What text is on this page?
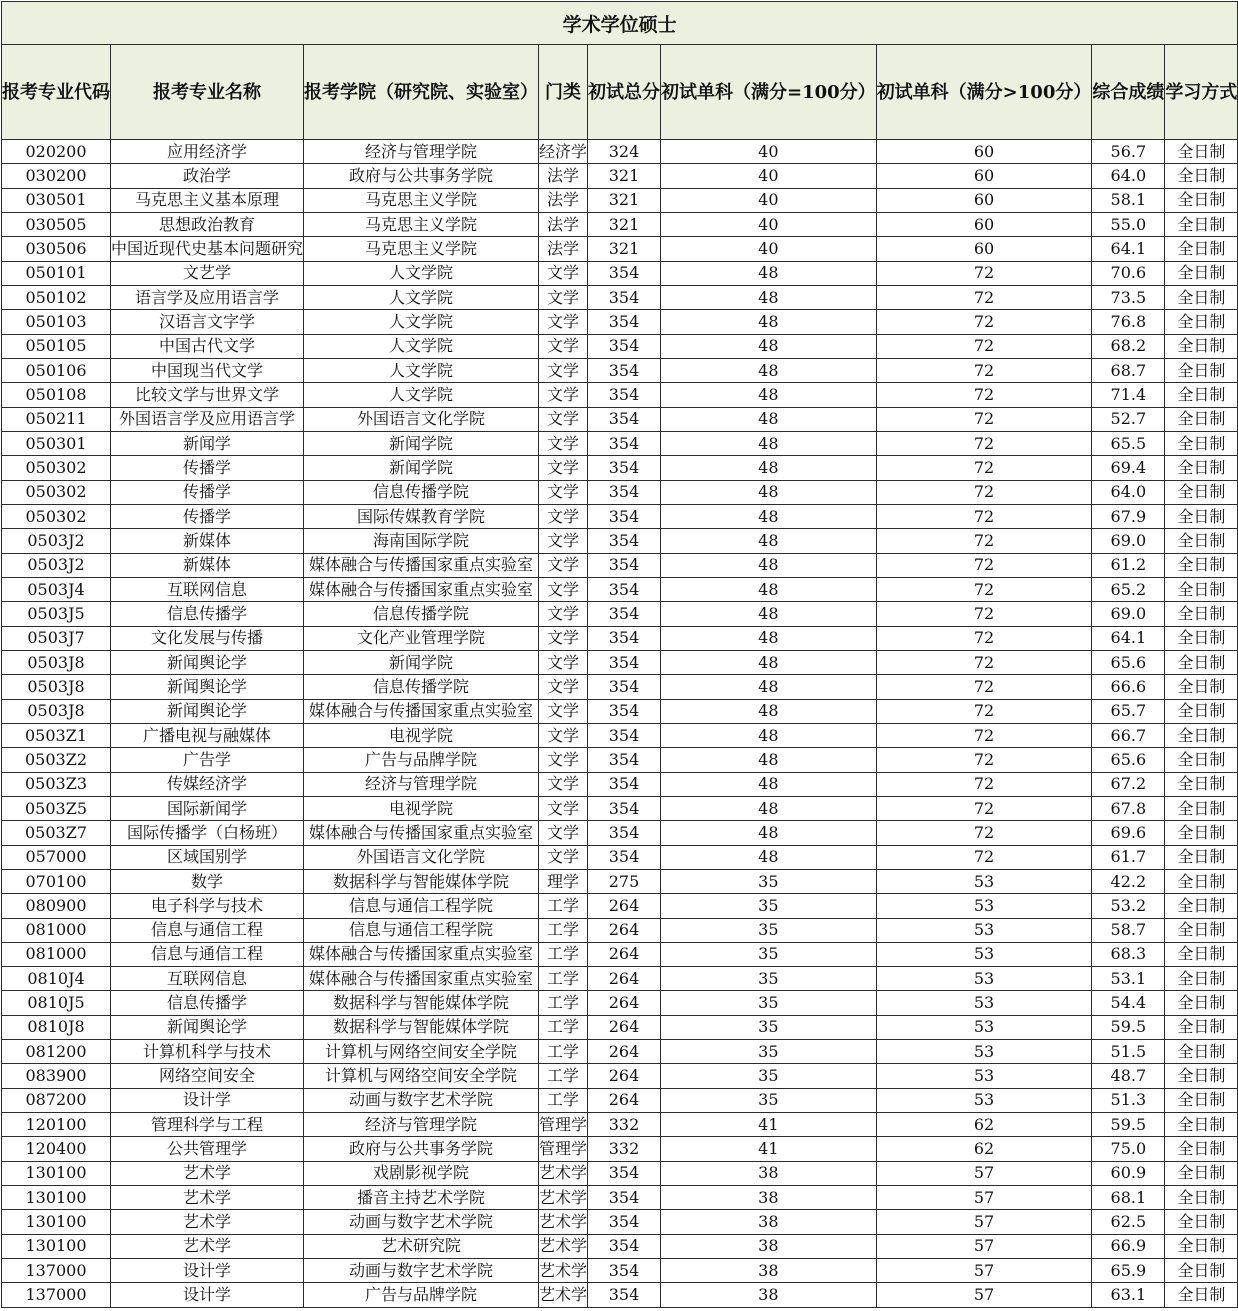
学术学位硕士								
报考专业代码	报考专业名称	报考学院（研究院、实验室）	门类	初试总分	初试单科（满分=100分）	初试单科（满分>100分）	综合成绩	学习方式
020200	应用经济学	经济与管理学院	经济学	324	40	60	56.7	全日制
030200	政治学	政府与公共事务学院	法学	321	40	60	64.0	全日制
030501	马克思主义基本原理	马克思主义学院	法学	321	40	60	58.1	全日制
030505	思想政治教育	马克思主义学院	法学	321	40	60	55.0	全日制
030506	中国近现代史基本问题研究	马克思主义学院	法学	321	40	60	64.1	全日制
050101	文艺学	人文学院	文学	354	48	72	70.6	全日制
050102	语言学及应用语言学	人文学院	文学	354	48	72	73.5	全日制
050103	汉语言文字学	人文学院	文学	354	48	72	76.8	全日制
050105	中国古代文学	人文学院	文学	354	48	72	68.2	全日制
050106	中国现当代文学	人文学院	文学	354	48	72	68.7	全日制
050108	比较文学与世界文学	人文学院	文学	354	48	72	71.4	全日制
050211	外国语言学及应用语言学	外国语言文化学院	文学	354	48	72	52.7	全日制
050301	新闻学	新闻学院	文学	354	48	72	65.5	全日制
050302	传播学	新闻学院	文学	354	48	72	69.4	全日制
050302	传播学	信息传播学院	文学	354	48	72	64.0	全日制
050302	传播学	国际传媒教育学院	文学	354	48	72	67.9	全日制
0503J2	新媒体	海南国际学院	文学	354	48	72	69.0	全日制
0503J2	新媒体	媒体融合与传播国家重点实验室	文学	354	48	72	61.2	全日制
0503J4	互联网信息	媒体融合与传播国家重点实验室	文学	354	48	72	65.2	全日制
0503J5	信息传播学	信息传播学院	文学	354	48	72	69.0	全日制
0503J7	文化发展与传播	文化产业管理学院	文学	354	48	72	64.1	全日制
0503J8	新闻舆论学	新闻学院	文学	354	48	72	65.6	全日制
0503J8	新闻舆论学	信息传播学院	文学	354	48	72	66.6	全日制
0503J8	新闻舆论学	媒体融合与传播国家重点实验室	文学	354	48	72	65.7	全日制
0503Z1	广播电视与融媒体	电视学院	文学	354	48	72	66.7	全日制
0503Z2	广告学	广告与品牌学院	文学	354	48	72	65.6	全日制
0503Z3	传媒经济学	经济与管理学院	文学	354	48	72	67.2	全日制
0503Z5	国际新闻学	电视学院	文学	354	48	72	67.8	全日制
0503Z7	国际传播学（白杨班）	媒体融合与传播国家重点实验室	文学	354	48	72	69.6	全日制
057000	区域国别学	外国语言文化学院	文学	354	48	72	61.7	全日制
070100	数学	数据科学与智能媒体学院	理学	275	35	53	42.2	全日制
080900	电子科学与技术	信息与通信工程学院	工学	264	35	53	53.2	全日制
081000	信息与通信工程	信息与通信工程学院	工学	264	35	53	58.7	全日制
081000	信息与通信工程	媒体融合与传播国家重点实验室	工学	264	35	53	68.3	全日制
0810J4	互联网信息	媒体融合与传播国家重点实验室	工学	264	35	53	53.1	全日制
0810J5	信息传播学	数据科学与智能媒体学院	工学	264	35	53	54.4	全日制
0810J8	新闻舆论学	数据科学与智能媒体学院	工学	264	35	53	59.5	全日制
081200	计算机科学与技术	计算机与网络空间安全学院	工学	264	35	53	51.5	全日制
083900	网络空间安全	计算机与网络空间安全学院	工学	264	35	53	48.7	全日制
087200	设计学	动画与数字艺术学院	工学	264	35	53	51.3	全日制
120100	管理科学与工程	经济与管理学院	管理学	332	41	62	59.5	全日制
120400	公共管理学	政府与公共事务学院	管理学	332	41	62	75.0	全日制
130100	艺术学	戏剧影视学院	艺术学	354	38	57	60.9	全日制
130100	艺术学	播音主持艺术学院	艺术学	354	38	57	68.1	全日制
130100	艺术学	动画与数字艺术学院	艺术学	354	38	57	62.5	全日制
130100	艺术学	艺术研究院	艺术学	354	38	57	66.9	全日制
137000	设计学	动画与数字艺术学院	艺术学	354	38	57	65.9	全日制
137000	设计学	广告与品牌学院	艺术学	354	38	57	63.1	全日制
